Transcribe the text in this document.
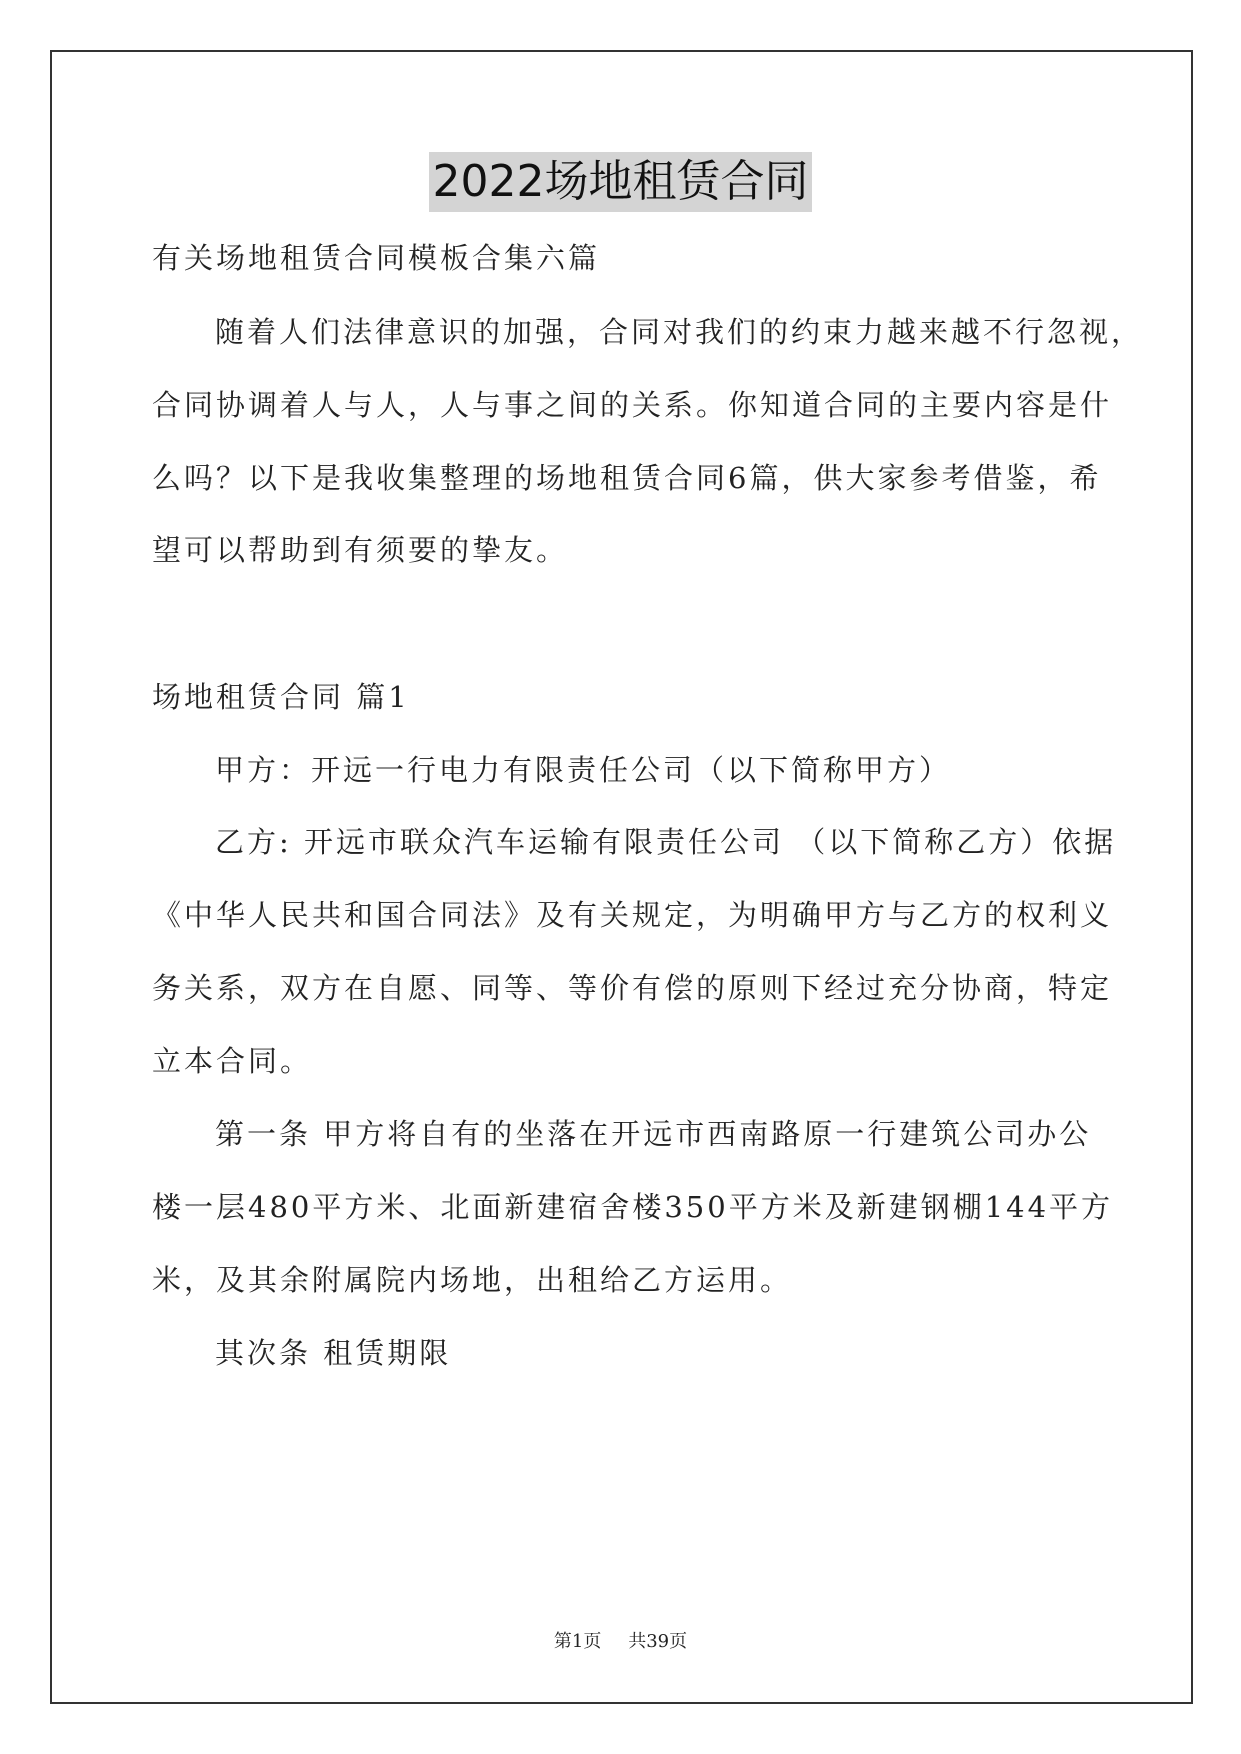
2022场地租赁合同
有关场地租赁合同模板合集六篇
随着人们法律意识的加强，合同对我们的约束力越来越不行忽视，
合同协调着人与人，人与事之间的关系。你知道合同的主要内容是什
么吗？以下是我收集整理的场地租赁合同6篇，供大家参考借鉴，希
望可以帮助到有须要的挚友。
场地租赁合同 篇1
甲方：开远一行电力有限责任公司（以下简称甲方）
乙方: 开远市联众汽车运输有限责任公司 （以下简称乙方）依据
《中华人民共和国合同法》及有关规定，为明确甲方与乙方的权利义
务关系，双方在自愿、同等、等价有偿的原则下经过充分协商，特定
立本合同。
第一条 甲方将自有的坐落在开远市西南路原一行建筑公司办公
楼一层480平方米、北面新建宿舍楼350平方米及新建钢棚144平方
米，及其余附属院内场地，出租给乙方运用。
其次条 租赁期限
第1页 共39页
